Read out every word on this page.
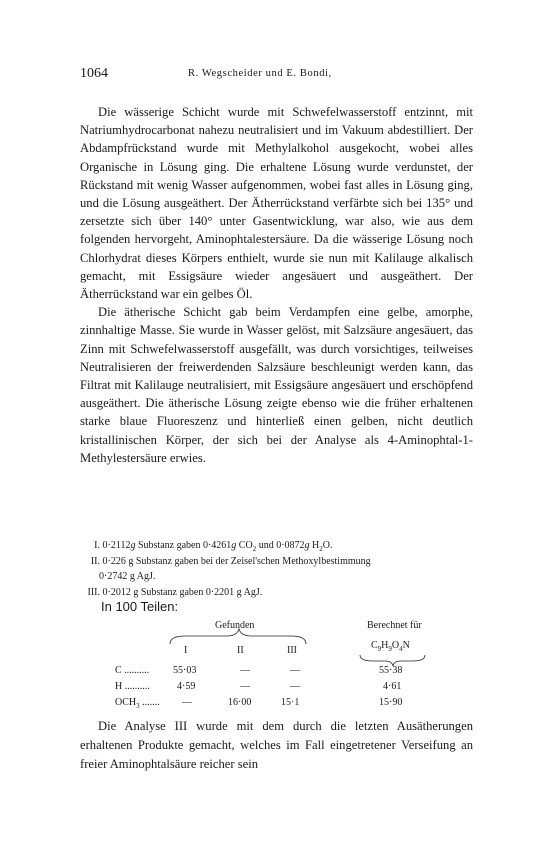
1064	R. Wegscheider und E. Bondi,

Die wässerige Schicht wurde mit Schwefelwasserstoff entzinnt, mit Natriumhydrocarbonat nahezu neutralisiert und im Vakuum abdestilliert. Der Abdampfrückstand wurde mit Methylalkohol ausgekocht, wobei alles Organische in Lösung ging. Die erhaltene Lösung wurde verdunstet, der Rückstand mit wenig Wasser aufgenommen, wobei fast alles in Lösung ging, und die Lösung ausgeäthert. Der Ätherrückstand verfärbte sich bei 135° und zersetzte sich über 140° unter Gasentwicklung, war also, wie aus dem folgenden hervorgeht, Aminophtalestersäure. Da die wässerige Lösung noch Chlorhydrat dieses Körpers enthielt, wurde sie nun mit Kalilauge alkalisch gemacht, mit Essigsäure wieder angesäuert und ausgeäthert. Der Ätherrückstand war ein gelbes Öl.

Die ätherische Schicht gab beim Verdampfen eine gelbe, amorphe, zinnhaltige Masse. Sie wurde in Wasser gelöst, mit Salzsäure angesäuert, das Zinn mit Schwefelwasserstoff ausgefällt, was durch vorsichtiges, teilweises Neutralisieren der freiwerdenden Salzsäure beschleunigt werden kann, das Filtrat mit Kalilauge neutralisiert, mit Essigsäure angesäuert und erschöpfend ausgeäthert. Die ätherische Lösung zeigte ebenso wie die früher erhaltenen starke blaue Fluoreszenz und hinterließ einen gelben, nicht deutlich kristallinischen Körper, der sich bei der Analyse als 4-Aminophtal-1-Methylestersäure erwies.

I. 0·2112g Substanz gaben 0·4261g $CO_2$ und 0·0872g $H_2O$.
II. 0·226 g Substanz gaben bei der Zeisel'schen Methoxylbestimmung
0·2742 g AgJ.
III. 0·2012 g Substanz gaben 0·2201 g AgJ.
In 100 Teilen:
Gefunden	Berechnet für
I	II	III	$C_9H_9O_4N$
C .......... 55·03	—	—	55·38
H ..........	4·59	—	—	4·61
$OCH_3$ ....... —	16·00	15·1	15·90

Die Analyse III wurde mit dem durch die letzten Ausätherungen erhaltenen Produkte gemacht, welches im Fall eingetretener Verseifung an freier Aminophtalsäure reicher sein
